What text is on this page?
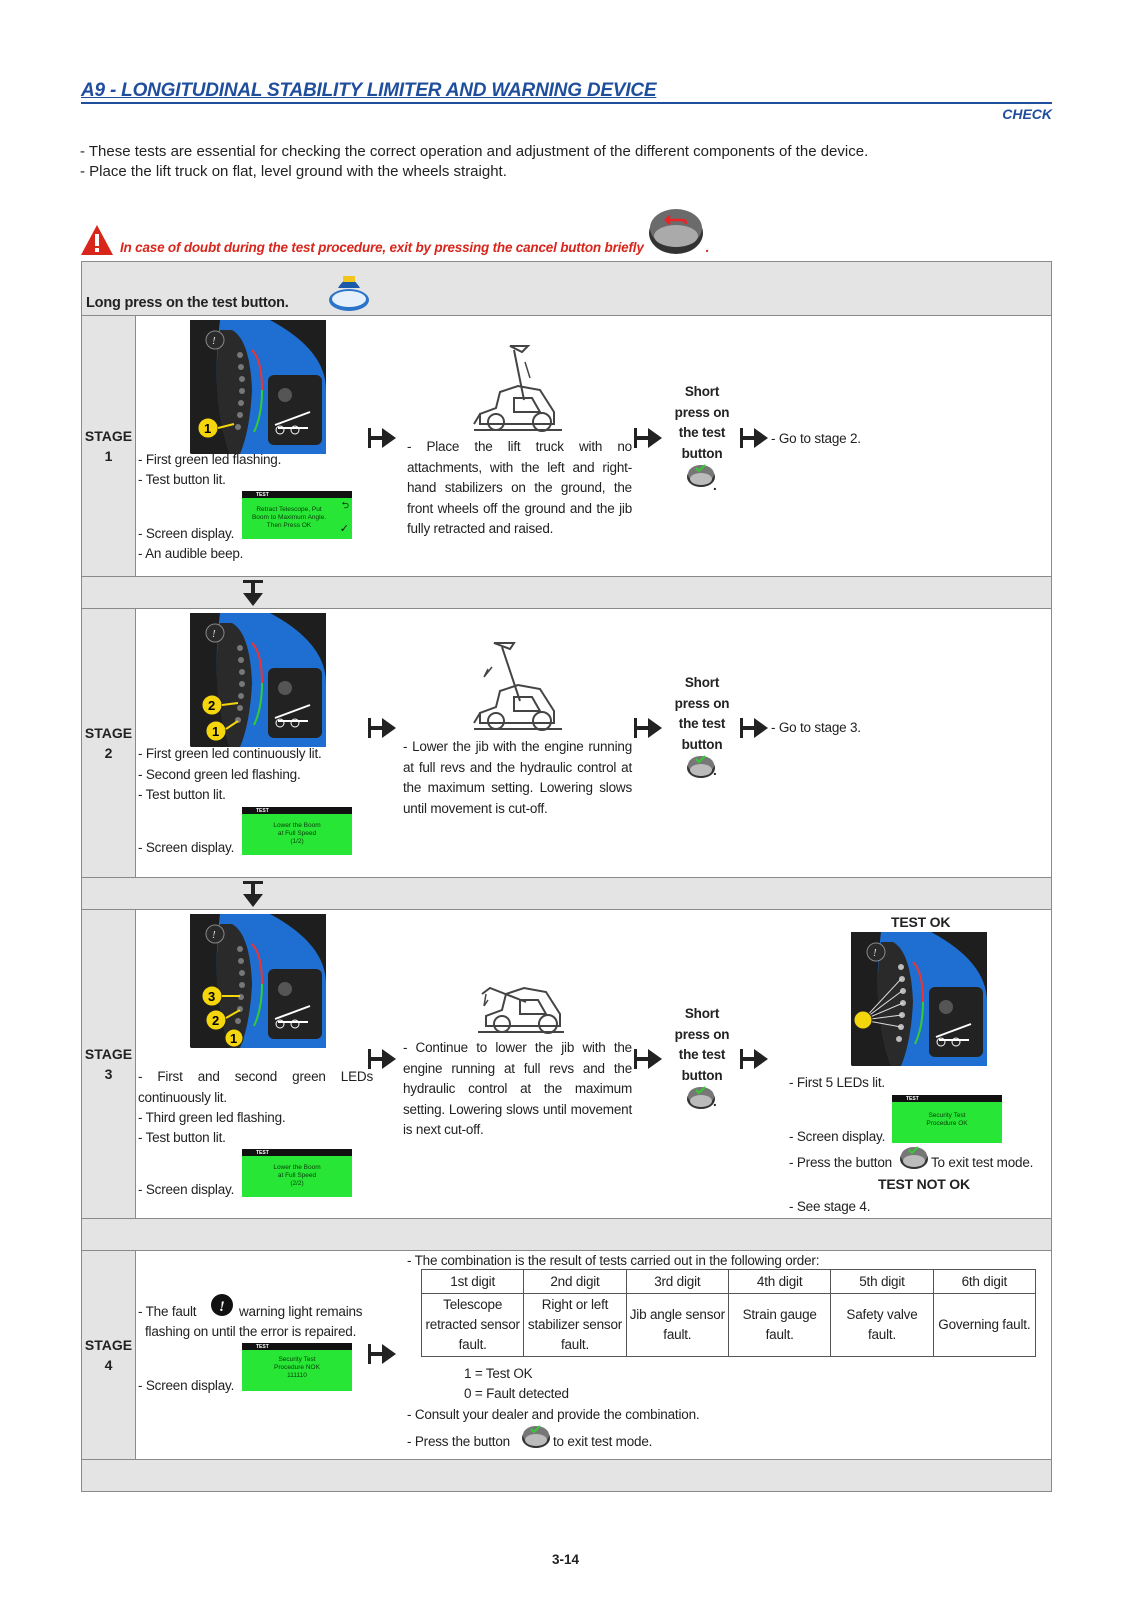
A9 - LONGITUDINAL STABILITY LIMITER AND WARNING DEVICE
CHECK
- These tests are essential for checking the correct operation and adjustment of the different components of the device.
- Place the lift truck on flat, level ground with the wheels straight.
In case of doubt during the test procedure, exit by pressing the cancel button briefly	.
Long press on the test button.
STAGE
1
!
1
- First green led flashing.
- Test button lit.
TEST
Retract Telescope, Put Boom to Maximum Angle. Then Press OK
⮌
✓
- Screen display.
- An audible beep.
- Place the lift truck with no attachments, with the left and right-hand stabilizers on the ground, the front wheels off the ground and the jib fully retracted and raised.
Short
press on
the test
button
.
- Go to stage 2.
STAGE
2
!
2
1
- First green led continuously lit.
- Second green led flashing.
- Test button lit.
TEST
Lower the Boom at Full Speed (1/2)
- Screen display.
- Lower the jib with the engine running at full revs and the hydraulic control at the maximum setting. Lowering slows until movement is cut-off.
Short
press on
the test
button
.
- Go to stage 3.
STAGE
3
!
3
2
1
- First and second green LEDs continuously lit.
- Third green led flashing.
- Test button lit.
TEST
Lower the Boom at Full Speed (2/2)
- Screen display.
- Continue to lower the jib with the engine running at full revs and the hydraulic control at the maximum setting. Lowering slows until movement is next cut-off.
Short
press on
the test
button
.
TEST OK
!
- First 5 LEDs lit.
TEST
Security Test Procedure OK
- Screen display.
- Press the button	To exit test mode.
TEST NOT OK
- See stage 4.
STAGE
4
- The fault ! warning light remains
flashing on until the error is repaired.
TEST
Security Test Procedure NOK 111110
- Screen display.
- The combination is the result of tests carried out in the following order:
1 = Test OK
0 = Fault detected
- Consult your dealer and provide the combination.
- Press the button	to exit test mode.
1st digit	2nd digit	3rd digit	4th digit	5th digit	6th digit
Telescope retracted sensor fault.	Right or left stabilizer sensor fault.	Jib angle sensor fault.	Strain gauge fault.	Safety valve fault.	Governing fault.
3-14
